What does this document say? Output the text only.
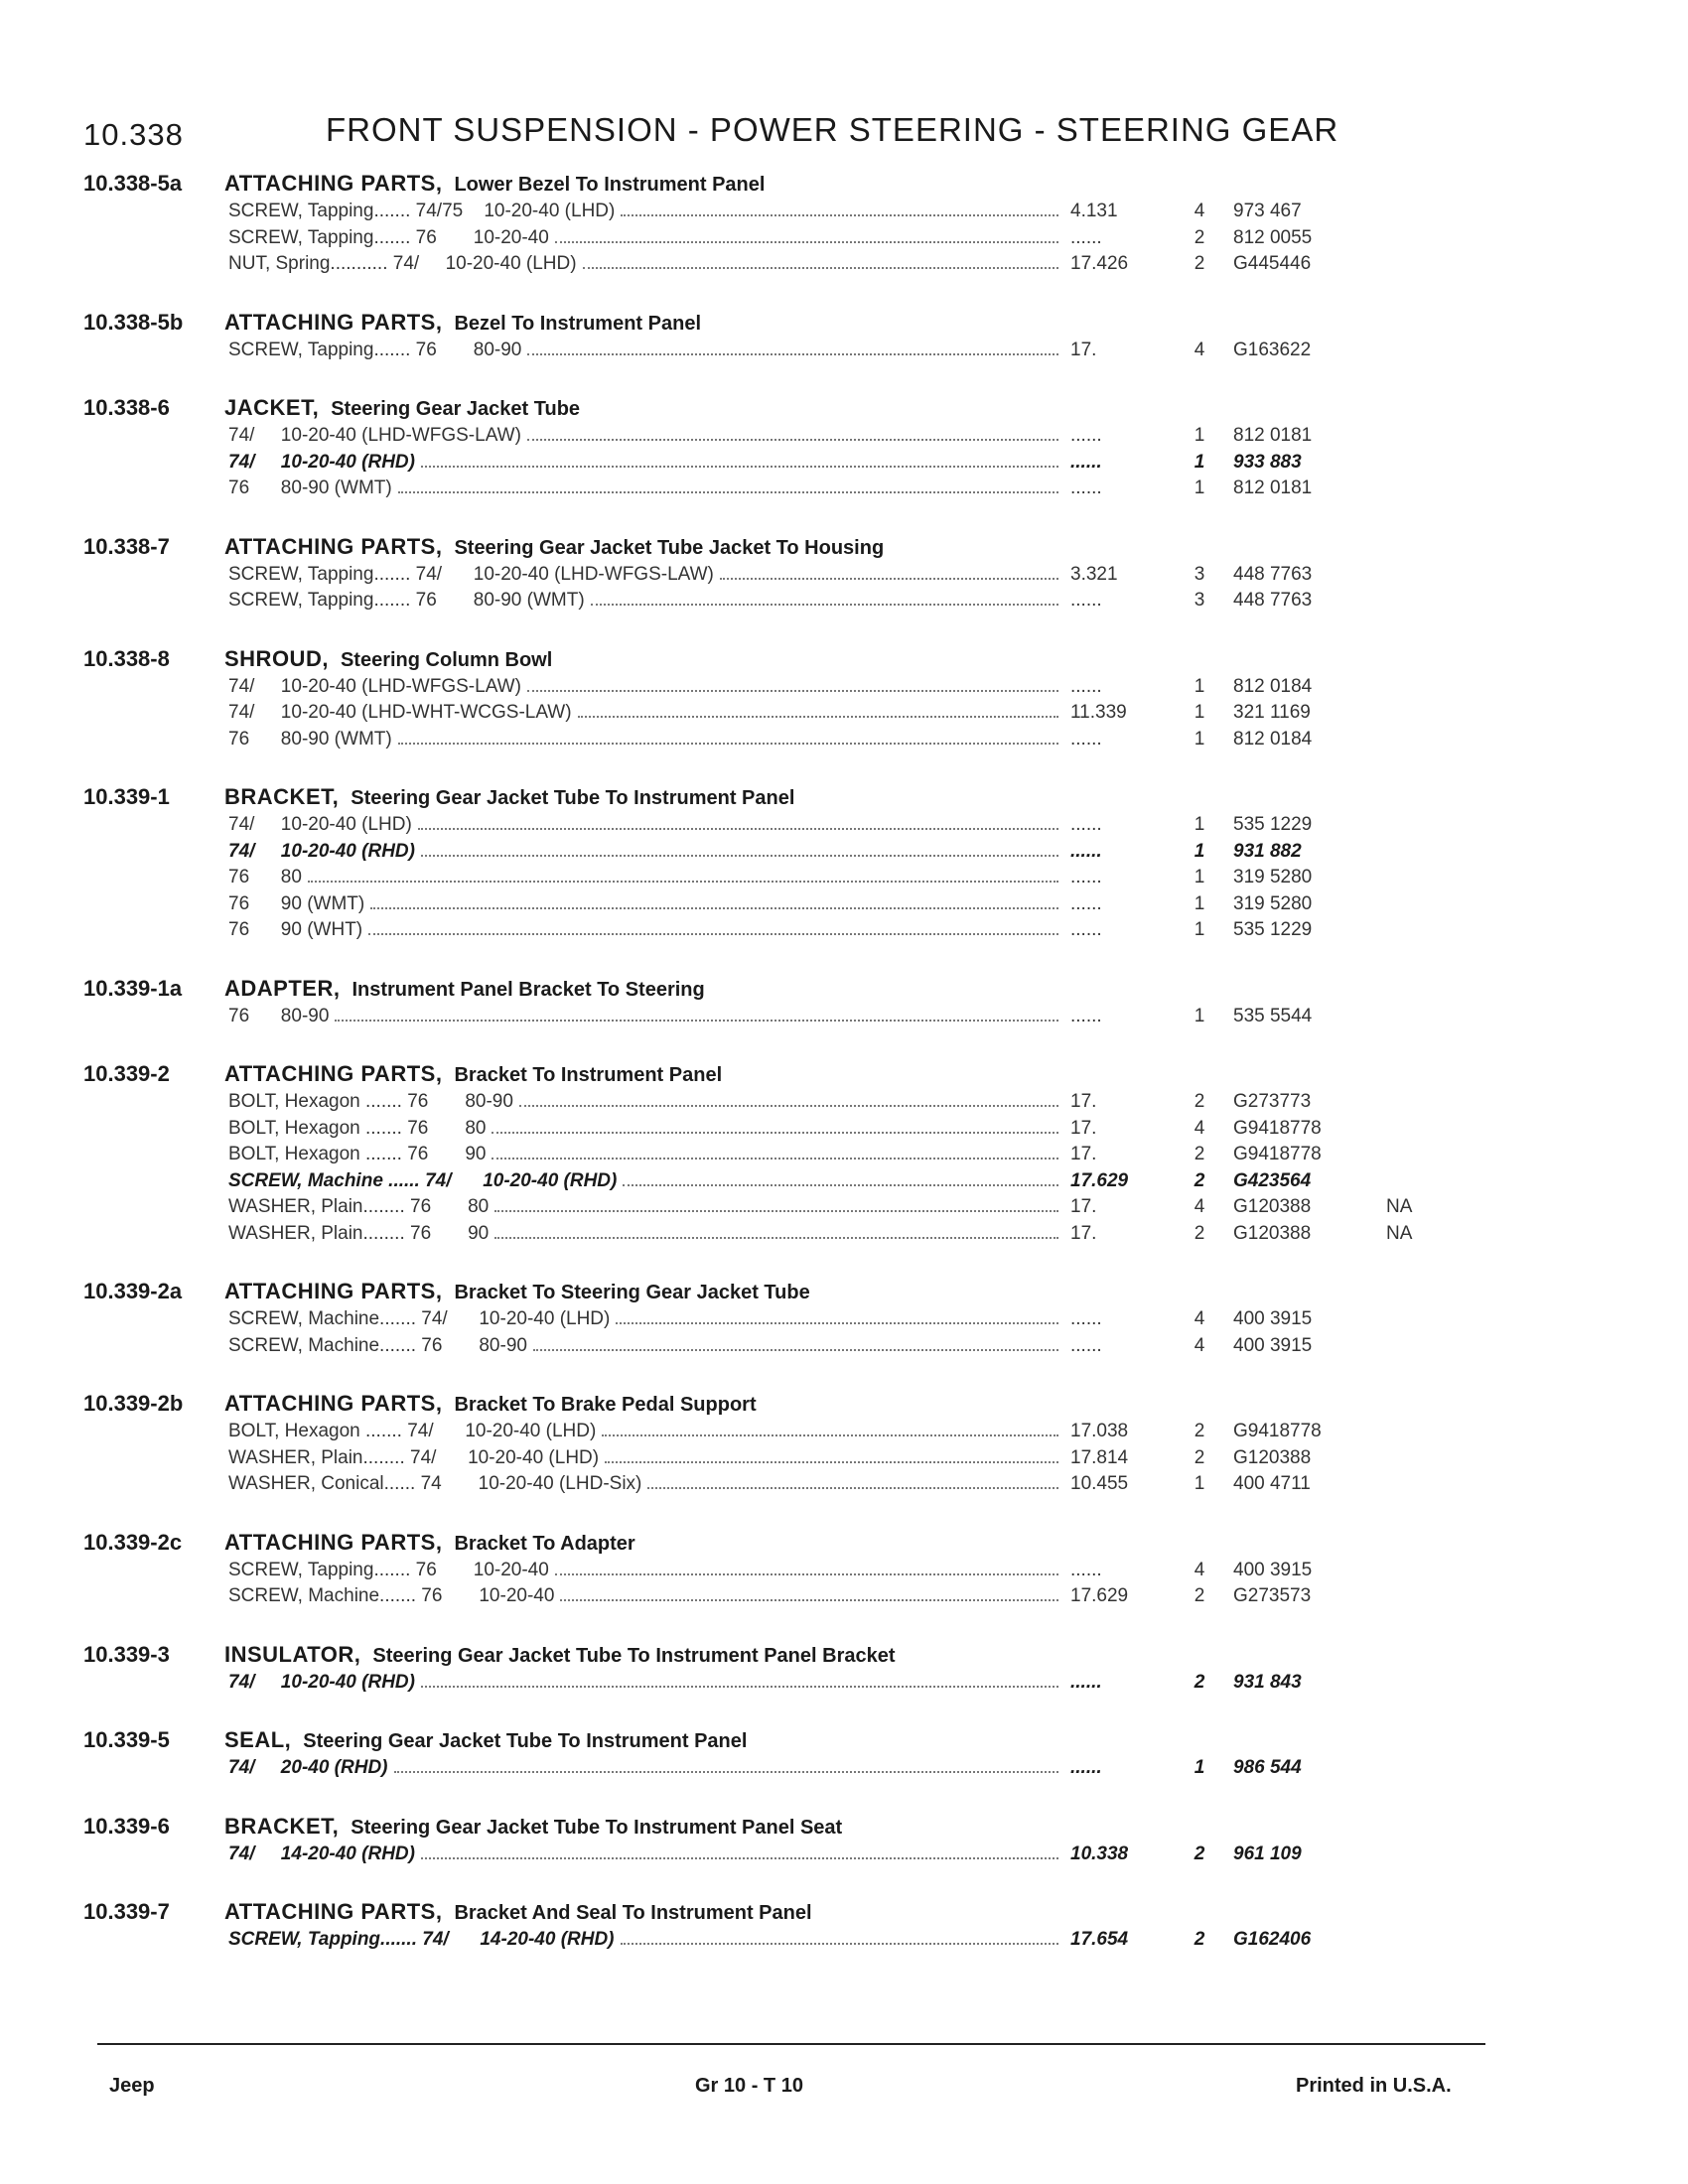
10.338	FRONT SUSPENSION - POWER STEERING - STEERING GEAR
10.338-5a	ATTACHING PARTS, Lower Bezel To Instrument Panel
SCREW, Tapping....... 74/75    10-20-40 (LHD)	4.131	4	973 467
SCREW, Tapping....... 76       10-20-40	......	2	812 0055
NUT, Spring........... 74/     10-20-40 (LHD)	17.426	2	G445446
10.338-5b	ATTACHING PARTS, Bezel To Instrument Panel
SCREW, Tapping....... 76       80-90	17.	4	G163622
10.338-6	JACKET, Steering Gear Jacket Tube
74/     10-20-40 (LHD-WFGS-LAW)	......	1	812 0181
74/     10-20-40 (RHD)	......	1	933 883
76      80-90 (WMT)	......	1	812 0181
10.338-7	ATTACHING PARTS, Steering Gear Jacket Tube Jacket To Housing
SCREW, Tapping....... 74/      10-20-40 (LHD-WFGS-LAW)	3.321	3	448 7763
SCREW, Tapping....... 76       80-90 (WMT)	......	3	448 7763
10.338-8	SHROUD, Steering Column Bowl
74/     10-20-40 (LHD-WFGS-LAW)	......	1	812 0184
74/     10-20-40 (LHD-WHT-WCGS-LAW)	11.339	1	321 1169
76      80-90 (WMT)	......	1	812 0184
10.339-1	BRACKET, Steering Gear Jacket Tube To Instrument Panel
74/     10-20-40 (LHD)	......	1	535 1229
74/     10-20-40 (RHD)	......	1	931 882
76      80	......	1	319 5280
76      90 (WMT)	......	1	319 5280
76      90 (WHT)	......	1	535 1229
10.339-1a	ADAPTER, Instrument Panel Bracket To Steering
76      80-90	......	1	535 5544
10.339-2	ATTACHING PARTS, Bracket To Instrument Panel
BOLT, Hexagon ....... 76       80-90	17.	2	G273773
BOLT, Hexagon ....... 76       80	17.	4	G9418778
BOLT, Hexagon ....... 76       90	17.	2	G9418778
SCREW, Machine ...... 74/      10-20-40 (RHD)	17.629	2	G423564
WASHER, Plain........ 76       80	17.	4	G120388	NA
WASHER, Plain........ 76       90	17.	2	G120388	NA
10.339-2a	ATTACHING PARTS, Bracket To Steering Gear Jacket Tube
SCREW, Machine....... 74/      10-20-40 (LHD)	......	4	400 3915
SCREW, Machine....... 76       80-90	......	4	400 3915
10.339-2b	ATTACHING PARTS, Bracket To Brake Pedal Support
BOLT, Hexagon ....... 74/      10-20-40 (LHD)	17.038	2	G9418778
WASHER, Plain........ 74/      10-20-40 (LHD)	17.814	2	G120388
WASHER, Conical...... 74       10-20-40 (LHD-Six)	10.455	1	400 4711
10.339-2c	ATTACHING PARTS, Bracket To Adapter
SCREW, Tapping....... 76       10-20-40	......	4	400 3915
SCREW, Machine....... 76       10-20-40	17.629	2	G273573
10.339-3	INSULATOR, Steering Gear Jacket Tube To Instrument Panel Bracket
74/     10-20-40 (RHD)	......	2	931 843
10.339-5	SEAL, Steering Gear Jacket Tube To Instrument Panel
74/     20-40 (RHD)	......	1	986 544
10.339-6	BRACKET, Steering Gear Jacket Tube To Instrument Panel Seat
74/     14-20-40 (RHD)	10.338	2	961 109
10.339-7	ATTACHING PARTS, Bracket And Seal To Instrument Panel
SCREW, Tapping....... 74/      14-20-40 (RHD)	17.654	2	G162406
Jeep	Gr 10 - T 10	Printed in U.S.A.
